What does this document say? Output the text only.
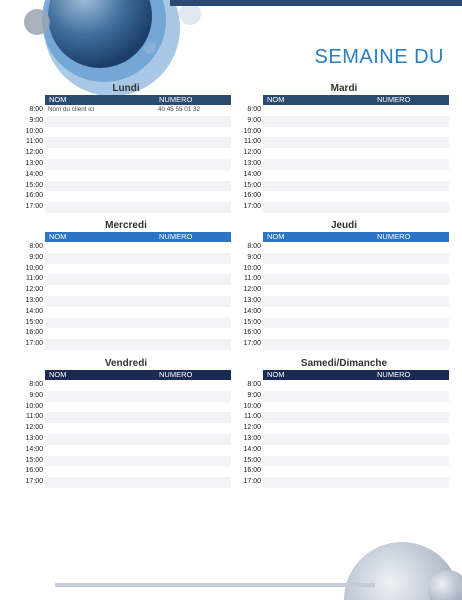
SEMAINE DU
Lundi
NOM	NUMERO
8:00 Nom du client ici	40 45 55 01 32
9:00
10:00
11:00
12:00
13:00
14:00
15:00
16:00
17:00
Mardi
NOM	NUMERO
8:00
9:00
10:00
11:00
12:00
13:00
14:00
15:00
16:00
17:00
Mercredi
NOM	NUMERO
8:00
9:00
10:00
11:00
12:00
13:00
14:00
15:00
16:00
17:00
Jeudi
NOM	NUMERO
8:00
9:00
10:00
11:00
12:00
13:00
14:00
15:00
16:00
17:00
Vendredi
NOM	NUMERO
8:00
9:00
10:00
11:00
12:00
13:00
14:00
15:00
16:00
17:00
Samedi/Dimanche
NOM	NUMERO
8:00
9:00
10:00
11:00
12:00
13:00
14:00
15:00
16:00
17:00
